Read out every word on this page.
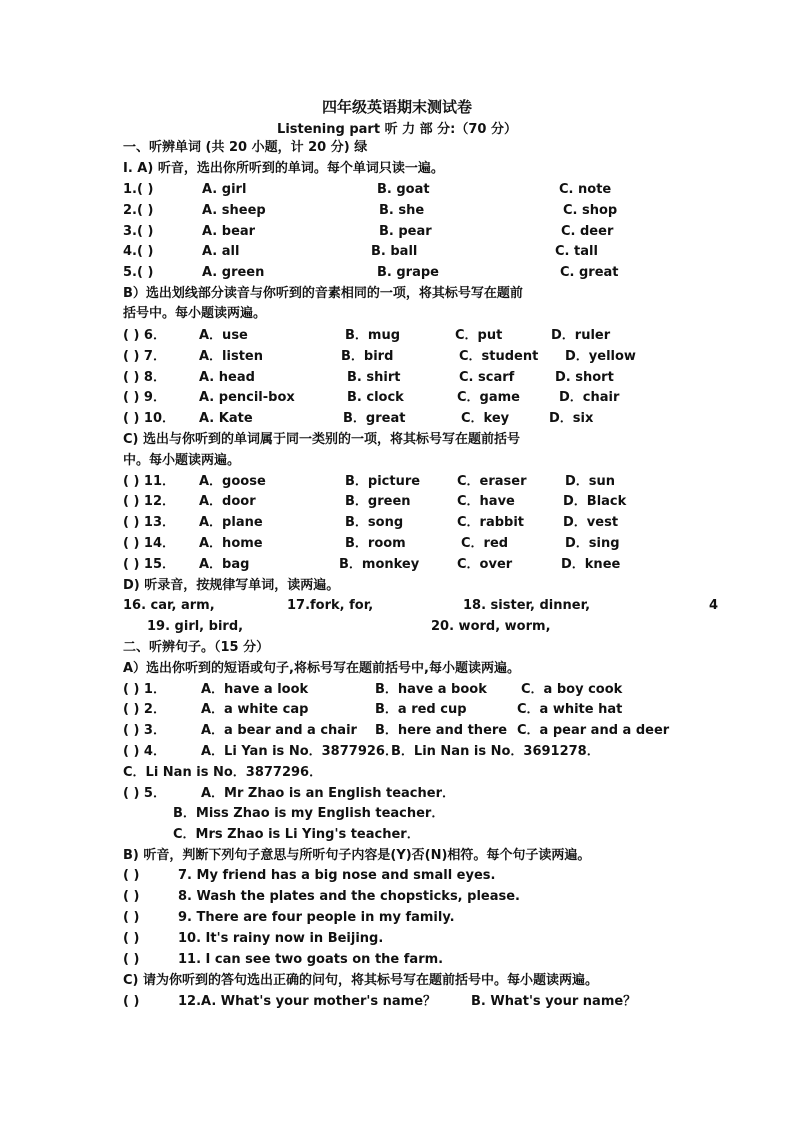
四年级英语期末测试卷
Listening part 听 力 部 分:（70 分）
一、听辨单词 (共 20 小题，计 20 分) 绿
I. A) 听音，选出你所听到的单词。每个单词只读一遍。
1.( )	A. girl	B. goat	C. note
2.( )	A. sheep	B. she	C. shop
3.( )	A. bear	B. pear	C. deer
4.( )	A. all	B. ball	C. tall
5.( )	A. green	B. grape	C. great
B）选出划线部分读音与你听到的音素相同的一项，将其标号写在题前
括号中。每小题读两遍。
( ) 6．	A．use	B．mug	C．put	D．ruler
( ) 7．	A．listen	B．bird	C．student D．yellow
( ) 8．	A. head	B. shirt	C. scarf	D. short
( ) 9．	A. pencil-box	B. clock	C．game	D．chair
( ) 10． A. Kate	B．great	C．key	D．six
C) 选出与你听到的单词属于同一类别的一项，将其标号写在题前括号
中。每小题读两遍。
( ) 11． A．goose	B．picture	C．eraser	D．sun
( ) 12． A．door	B．green	C．have	D．Black
( ) 13． A．plane	B．song	C．rabbit	D．vest
( ) 14． A．home	B．room	C．red	D．sing
( ) 15． A．bag	B．monkey	C．over	D．knee
D) 听录音，按规律写单词，读两遍。
16. car, arm,	17.fork, for,	18. sister, dinner,	4
19. girl, bird,	20. word, worm,
二、听辨句子。（15 分）
A）选出你听到的短语或句子,将标号写在题前括号中,每小题读两遍。
( ) 1．	A．have a look	B．have a book	C．a boy cook
( ) 2．	A．a white cap	B．a red cup	C．a white hat
( ) 3．	A．a bear and a chair B．here and there C．a pear and a deer
( ) 4．	A．Li Yan is No．3877926．
B．Lin Nan is No．3691278．
C．Li Nan is No．3877296．
( ) 5．	A．Mr Zhao is an English teacher．
B．Miss Zhao is my English teacher．
C．Mrs Zhao is Li Ying's teacher．
B) 听音，判断下列句子意思与所听句子内容是(Y)否(N)相符。每个句子读两遍。
( )	7. My friend has a big nose and small eyes.
( )	8. Wash the plates and the chopsticks, please.
( )	9. There are four people in my family.
( )	10. It's rainy now in Beijing.
( )	11. I can see two goats on the farm.
C) 请为你听到的答句选出正确的问句，将其标号写在题前括号中。每小题读两遍。
( )	12.A. What's your mother's name？	B. What's your name？
